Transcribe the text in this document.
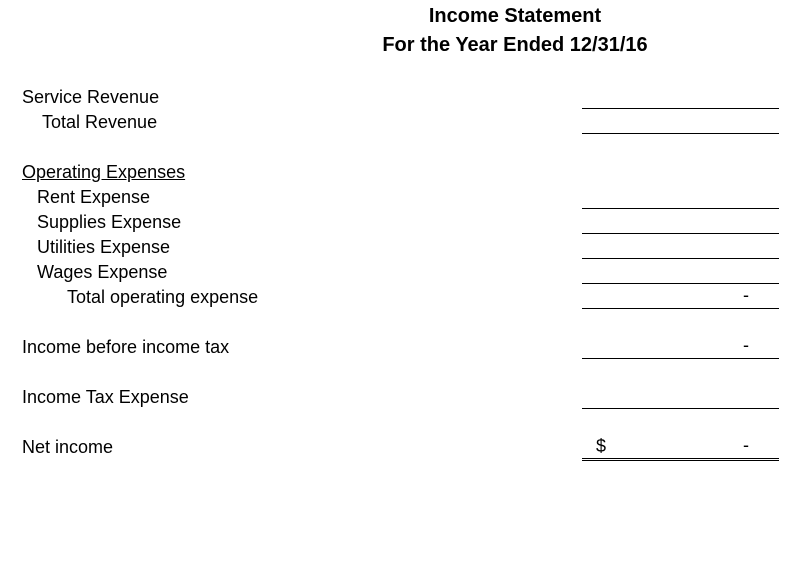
Income Statement
For the Year Ended 12/31/16
Service Revenue
Total Revenue
Operating Expenses
Rent Expense
Supplies Expense
Utilities Expense
Wages Expense
Total operating expense	-
Income before income tax	-
Income Tax Expense
Net income	$	-
